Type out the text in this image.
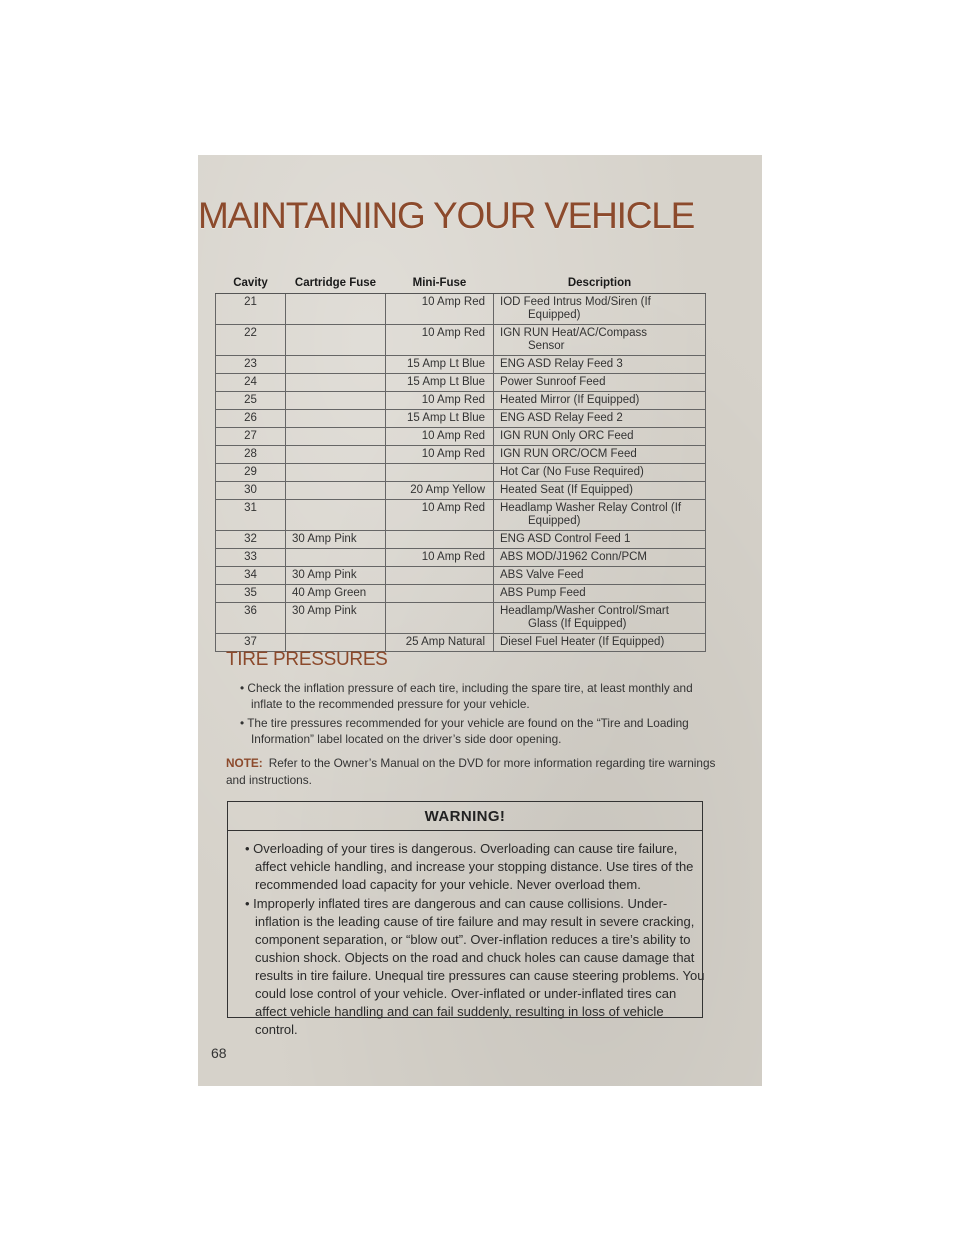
MAINTAINING YOUR VEHICLE
Cavity	Cartridge Fuse	Mini-Fuse	Description
21		10 Amp Red	IOD Feed Intrus Mod/Siren (If
Equipped)

22		10 Amp Red	IGN RUN Heat/AC/Compass
Sensor

23		15 Amp Lt Blue	ENG ASD Relay Feed 3
24		15 Amp Lt Blue	Power Sunroof Feed
25		10 Amp Red	Heated Mirror (If Equipped)
26		15 Amp Lt Blue	ENG ASD Relay Feed 2
27		10 Amp Red	IGN RUN Only ORC Feed
28		10 Amp Red	IGN RUN ORC/OCM Feed
29			Hot Car (No Fuse Required)
30		20 Amp Yellow	Heated Seat (If Equipped)
31		10 Amp Red	Headlamp Washer Relay Control (If
Equipped)

32	30 Amp Pink		ENG ASD Control Feed 1
33		10 Amp Red	ABS MOD/J1962 Conn/PCM
34	30 Amp Pink		ABS Valve Feed
35	40 Amp Green		ABS Pump Feed
36	30 Amp Pink		Headlamp/Washer Control/Smart
Glass (If Equipped)

37		25 Amp Natural	Diesel Fuel Heater (If Equipped)
TIRE PRESSURES
• Check the inflation pressure of each tire, including the spare tire, at least monthly and inflate to the recommended pressure for your vehicle.
• The tire pressures recommended for your vehicle are found on the “Tire and Loading Information” label located on the driver’s side door opening.

NOTE: Refer to the Owner’s Manual on the DVD for more information regarding tire warnings and instructions.

WARNING!
• Overloading of your tires is dangerous. Overloading can cause tire failure, affect vehicle handling, and increase your stopping distance. Use tires of the recommended load capacity for your vehicle. Never overload them.
• Improperly inflated tires are dangerous and can cause collisions. Under-inflation is the leading cause of tire failure and may result in severe cracking, component separation, or “blow out”. Over-inflation reduces a tire’s ability to cushion shock. Objects on the road and chuck holes can cause damage that results in tire failure. Unequal tire pressures can cause steering problems. You could lose control of your vehicle. Over-inflated or under-inflated tires can affect vehicle handling and can fail suddenly, resulting in loss of vehicle control.

68
